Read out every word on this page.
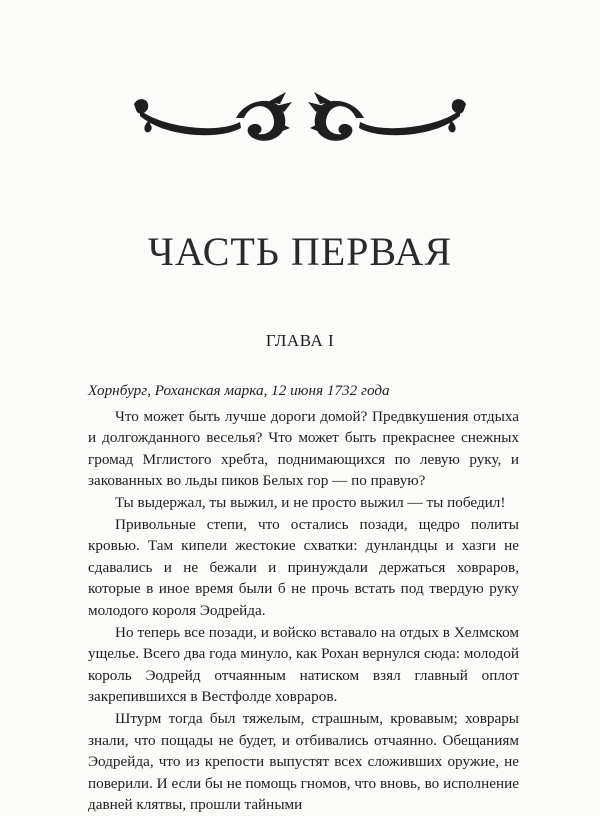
ЧАСТЬ ПЕРВАЯ
ГЛАВА I

Хорнбург, Роханская марка, 12 июня 1732 года

Что может быть лучше дороги домой? Предвкушения отдыха и долгожданного веселья? Что может быть прекраснее снежных громад Мглистого хребта, поднимающихся по левую руку, и закованных во льды пиков Белых гор — по правую?

Ты выдержал, ты выжил, и не просто выжил — ты победил!

Привольные степи, что остались позади, щедро политы кровью. Там кипели жестокие схватки: дунландцы и хазги не сдавались и не бежали и принуждали держаться ховраров, которые в иное время были б не прочь встать под твердую руку молодого короля Эодрейда.

Но теперь все позади, и войско вставало на отдых в Хелмском ущелье. Всего два года минуло, как Рохан вернулся сюда: молодой король Эодрейд отчаянным натиском взял главный оплот закрепившихся в Вестфолде ховраров.

Штурм тогда был тяжелым, страшным, кровавым; ховрары знали, что пощады не будет, и отбивались отчаянно. Обещаниям Эодрейда, что из крепости выпустят всех сложивших оружие, не поверили. И если бы не помощь гномов, что вновь, во исполнение давней клятвы, прошли тайными
